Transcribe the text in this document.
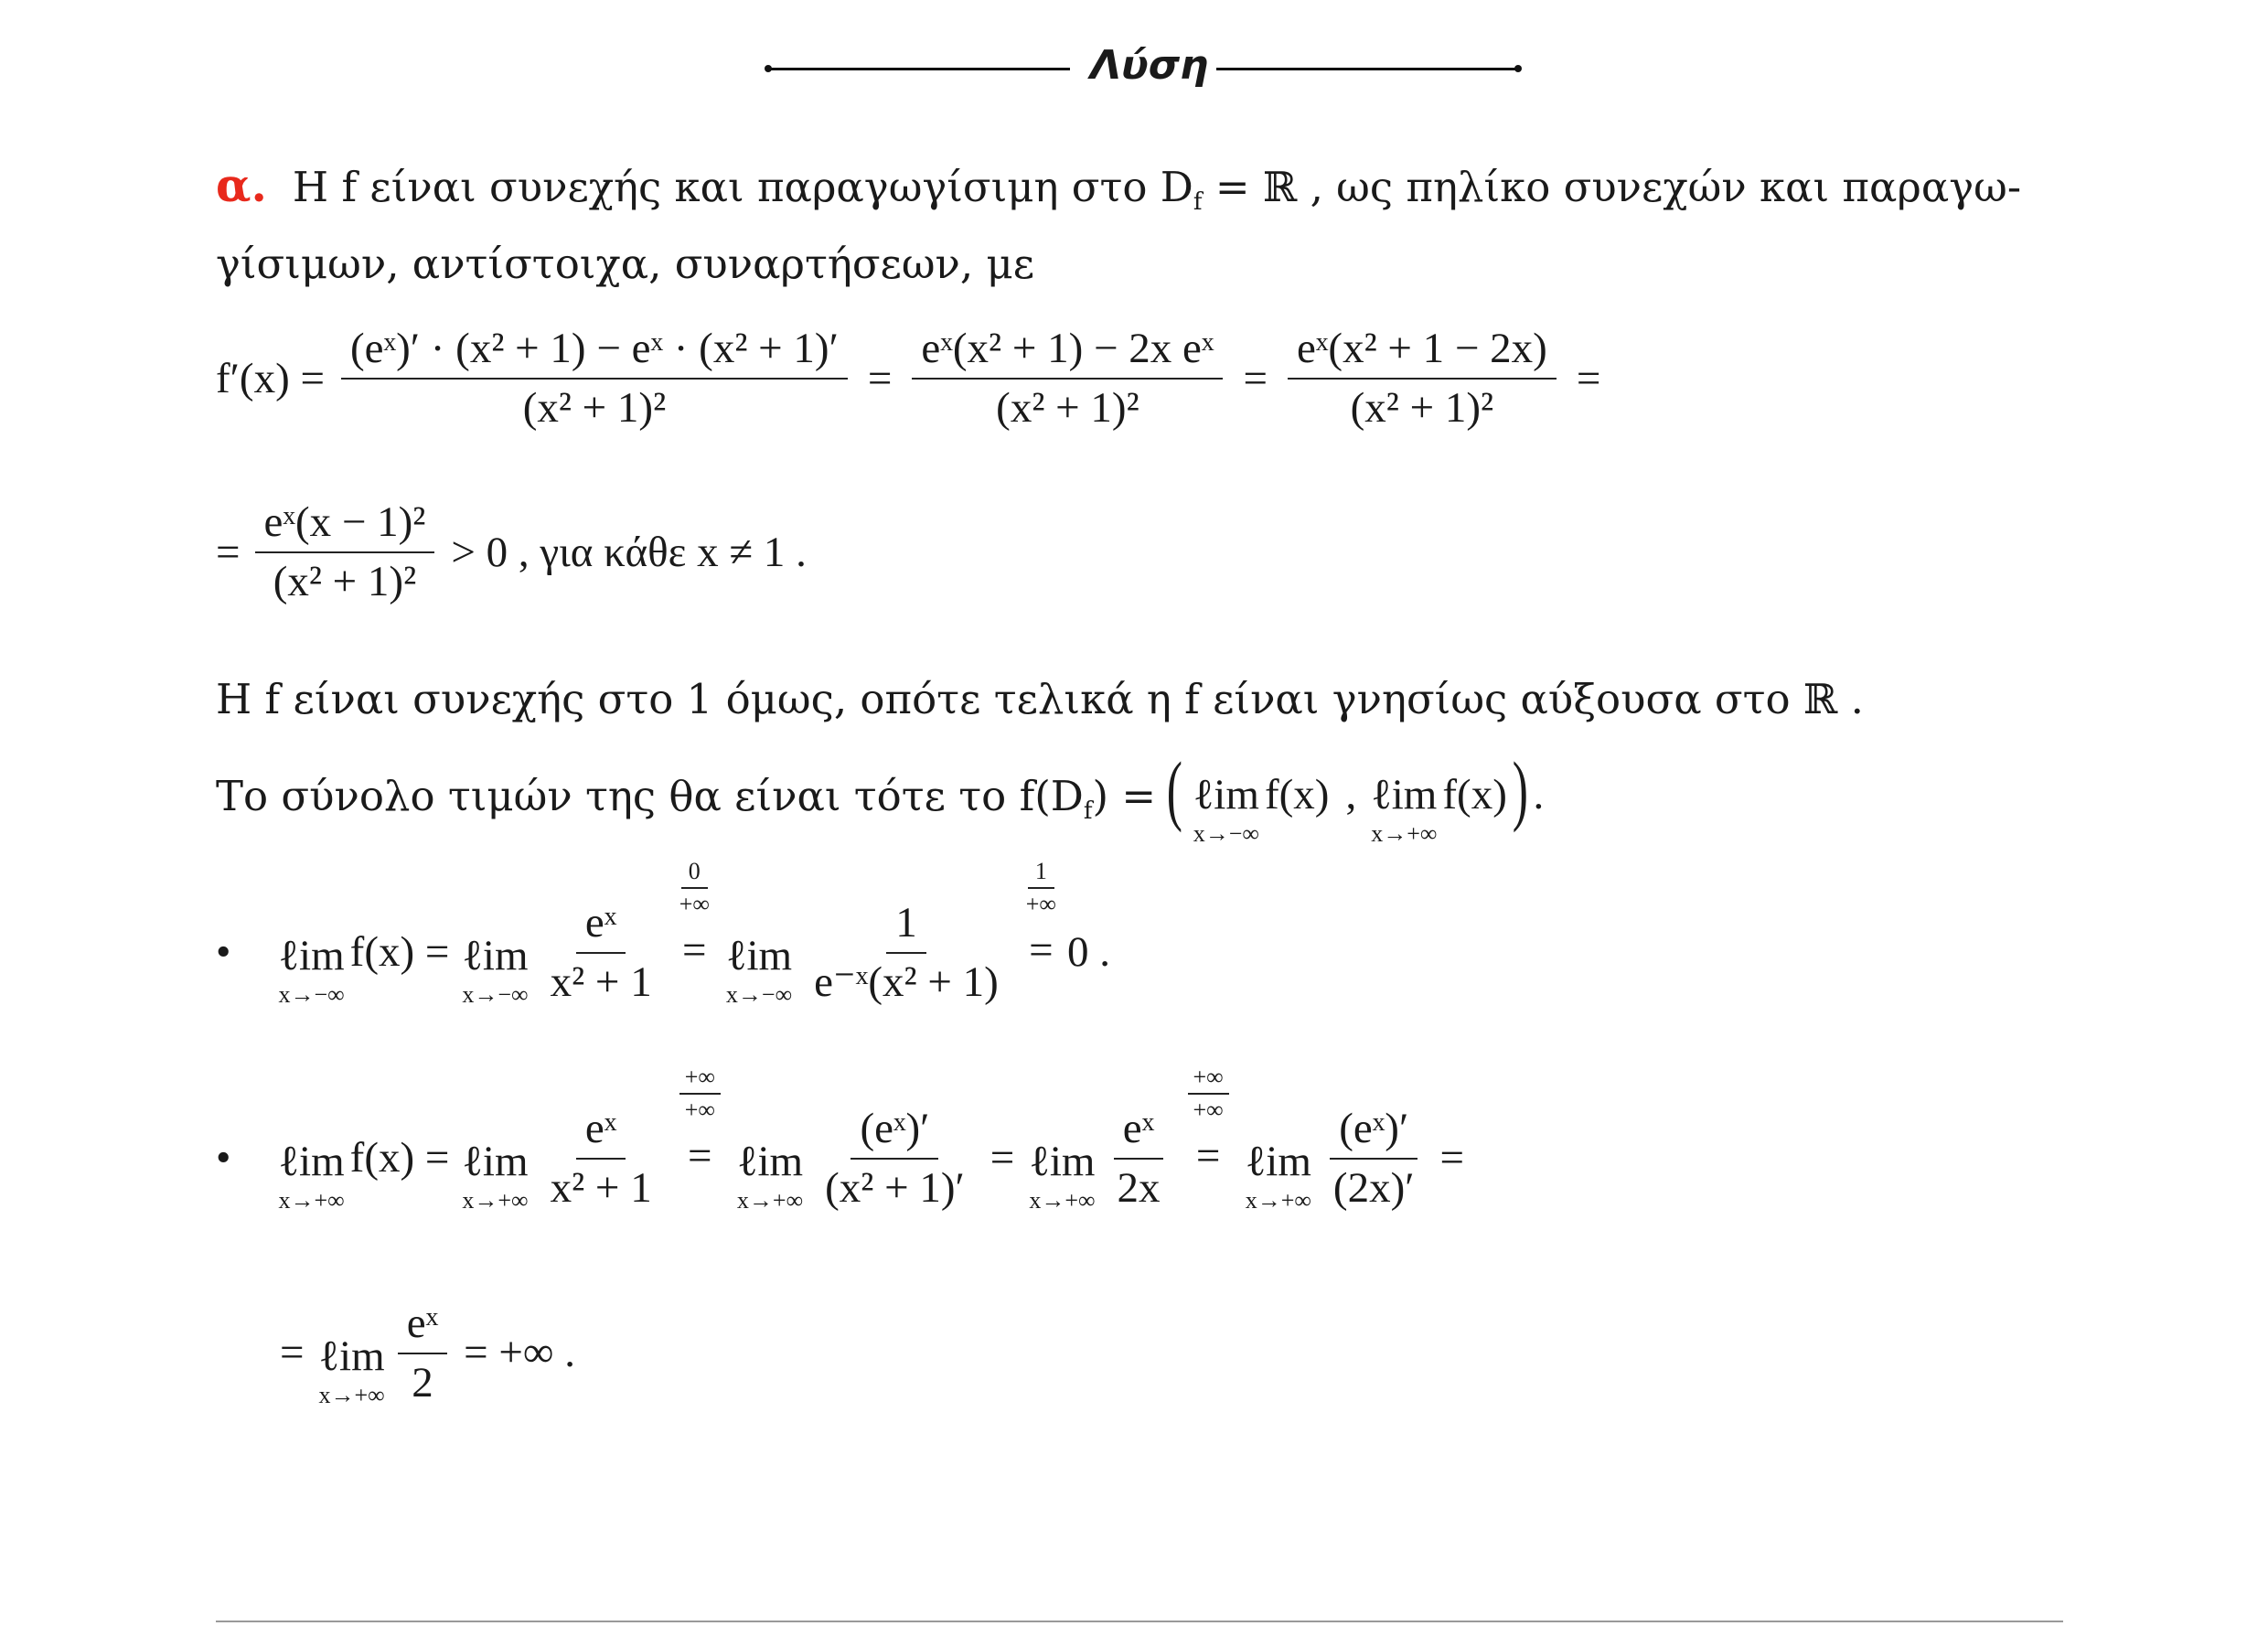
Λύση
α. Η f είναι συνεχής και παραγωγίσιμη στο $D_f$ = ℝ , ως πηλίκο συνεχών και παραγω-
γίσιμων, αντίστοιχα, συναρτήσεων, με
$f'(x) = \frac{\text{(eˣ)′ · (x² + 1) − eˣ · (x² + 1)′}}{\text{(x² + 1)²}} = \frac{\text{eˣ(x² + 1) − 2x eˣ}}{\text{(x² + 1)²}} = \frac{\text{eˣ(x² + 1 − 2x)}}{\text{(x² + 1)²}}$ =
= $\frac{\text{eˣ(x − 1)²}}{\text{(x² + 1)²}} > 0$ , για κάθε x ≠ 1 .
Η f είναι συνεχής στο 1 όμως, οπότε τελικά η f είναι γνησίως αύξουσα στο ℝ .
Το σύνολο τιμών της θα είναι τότε το $f(D_f)$ = ( ℓim
x→−∞
f(x) , ℓim
x→+∞
f(x) ) .
• ℓim
x→−∞
f(x) = ℓim
$x\to-\infty \frac{\text{eˣ}}{\text{x² + 1}}$
0
+∞
= ℓim
$x\to-\infty \frac{1}{\text{e⁻ˣ(x² + 1)}}$
1
+∞
= 0 .
• ℓim
x→+∞
f(x) = ℓim
$x\to+\infty \frac{\text{eˣ}}{\text{x² + 1}}$
+∞
+∞
= ℓim
$x\to+\infty \frac{\text{(eˣ)′}}{\text{(x² + 1)′}}$ = ℓim
$x\to+\infty \frac{\text{eˣ}}{2x}$
+∞
+∞
= ℓim
$x\to+\infty \frac{\text{(eˣ)′}}{(2x)'}$ =
= ℓim
$x\to+\infty \frac{\text{eˣ}}{2}$ = +∞ .
